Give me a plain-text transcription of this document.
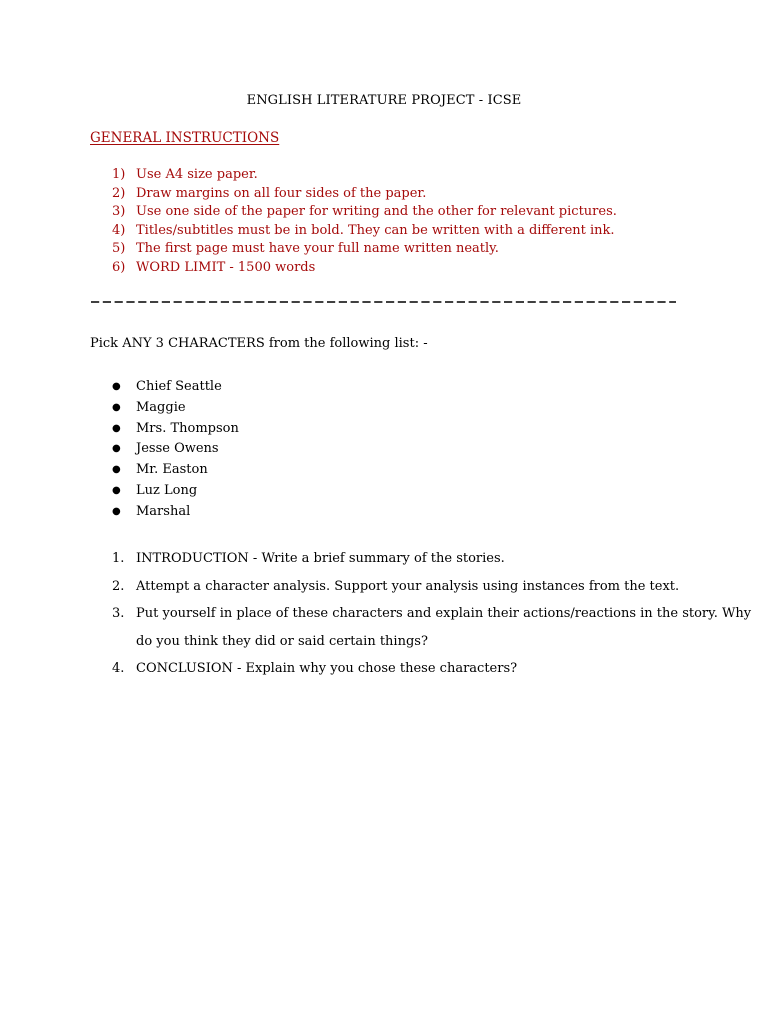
ENGLISH LITERATURE PROJECT - ICSE
GENERAL INSTRUCTIONS
1) Use A4 size paper.
2) Draw margins on all four sides of the paper.
3) Use one side of the paper for writing and the other for relevant pictures.
4) Titles/subtitles must be in bold. They can be written with a different ink.
5) The first page must have your full name written neatly.
6) WORD LIMIT - 1500 words
Pick ANY 3 CHARACTERS from the following list: -
● Chief Seattle
● Maggie
● Mrs. Thompson
● Jesse Owens
● Mr. Easton
● Luz Long
● Marshal
1. INTRODUCTION - Write a brief summary of the stories.
2. Attempt a character analysis. Support your analysis using instances from the text.
3. Put yourself in place of these characters and explain their actions/reactions in the story. Why do you think they did or said certain things?
4. CONCLUSION - Explain why you chose these characters?
